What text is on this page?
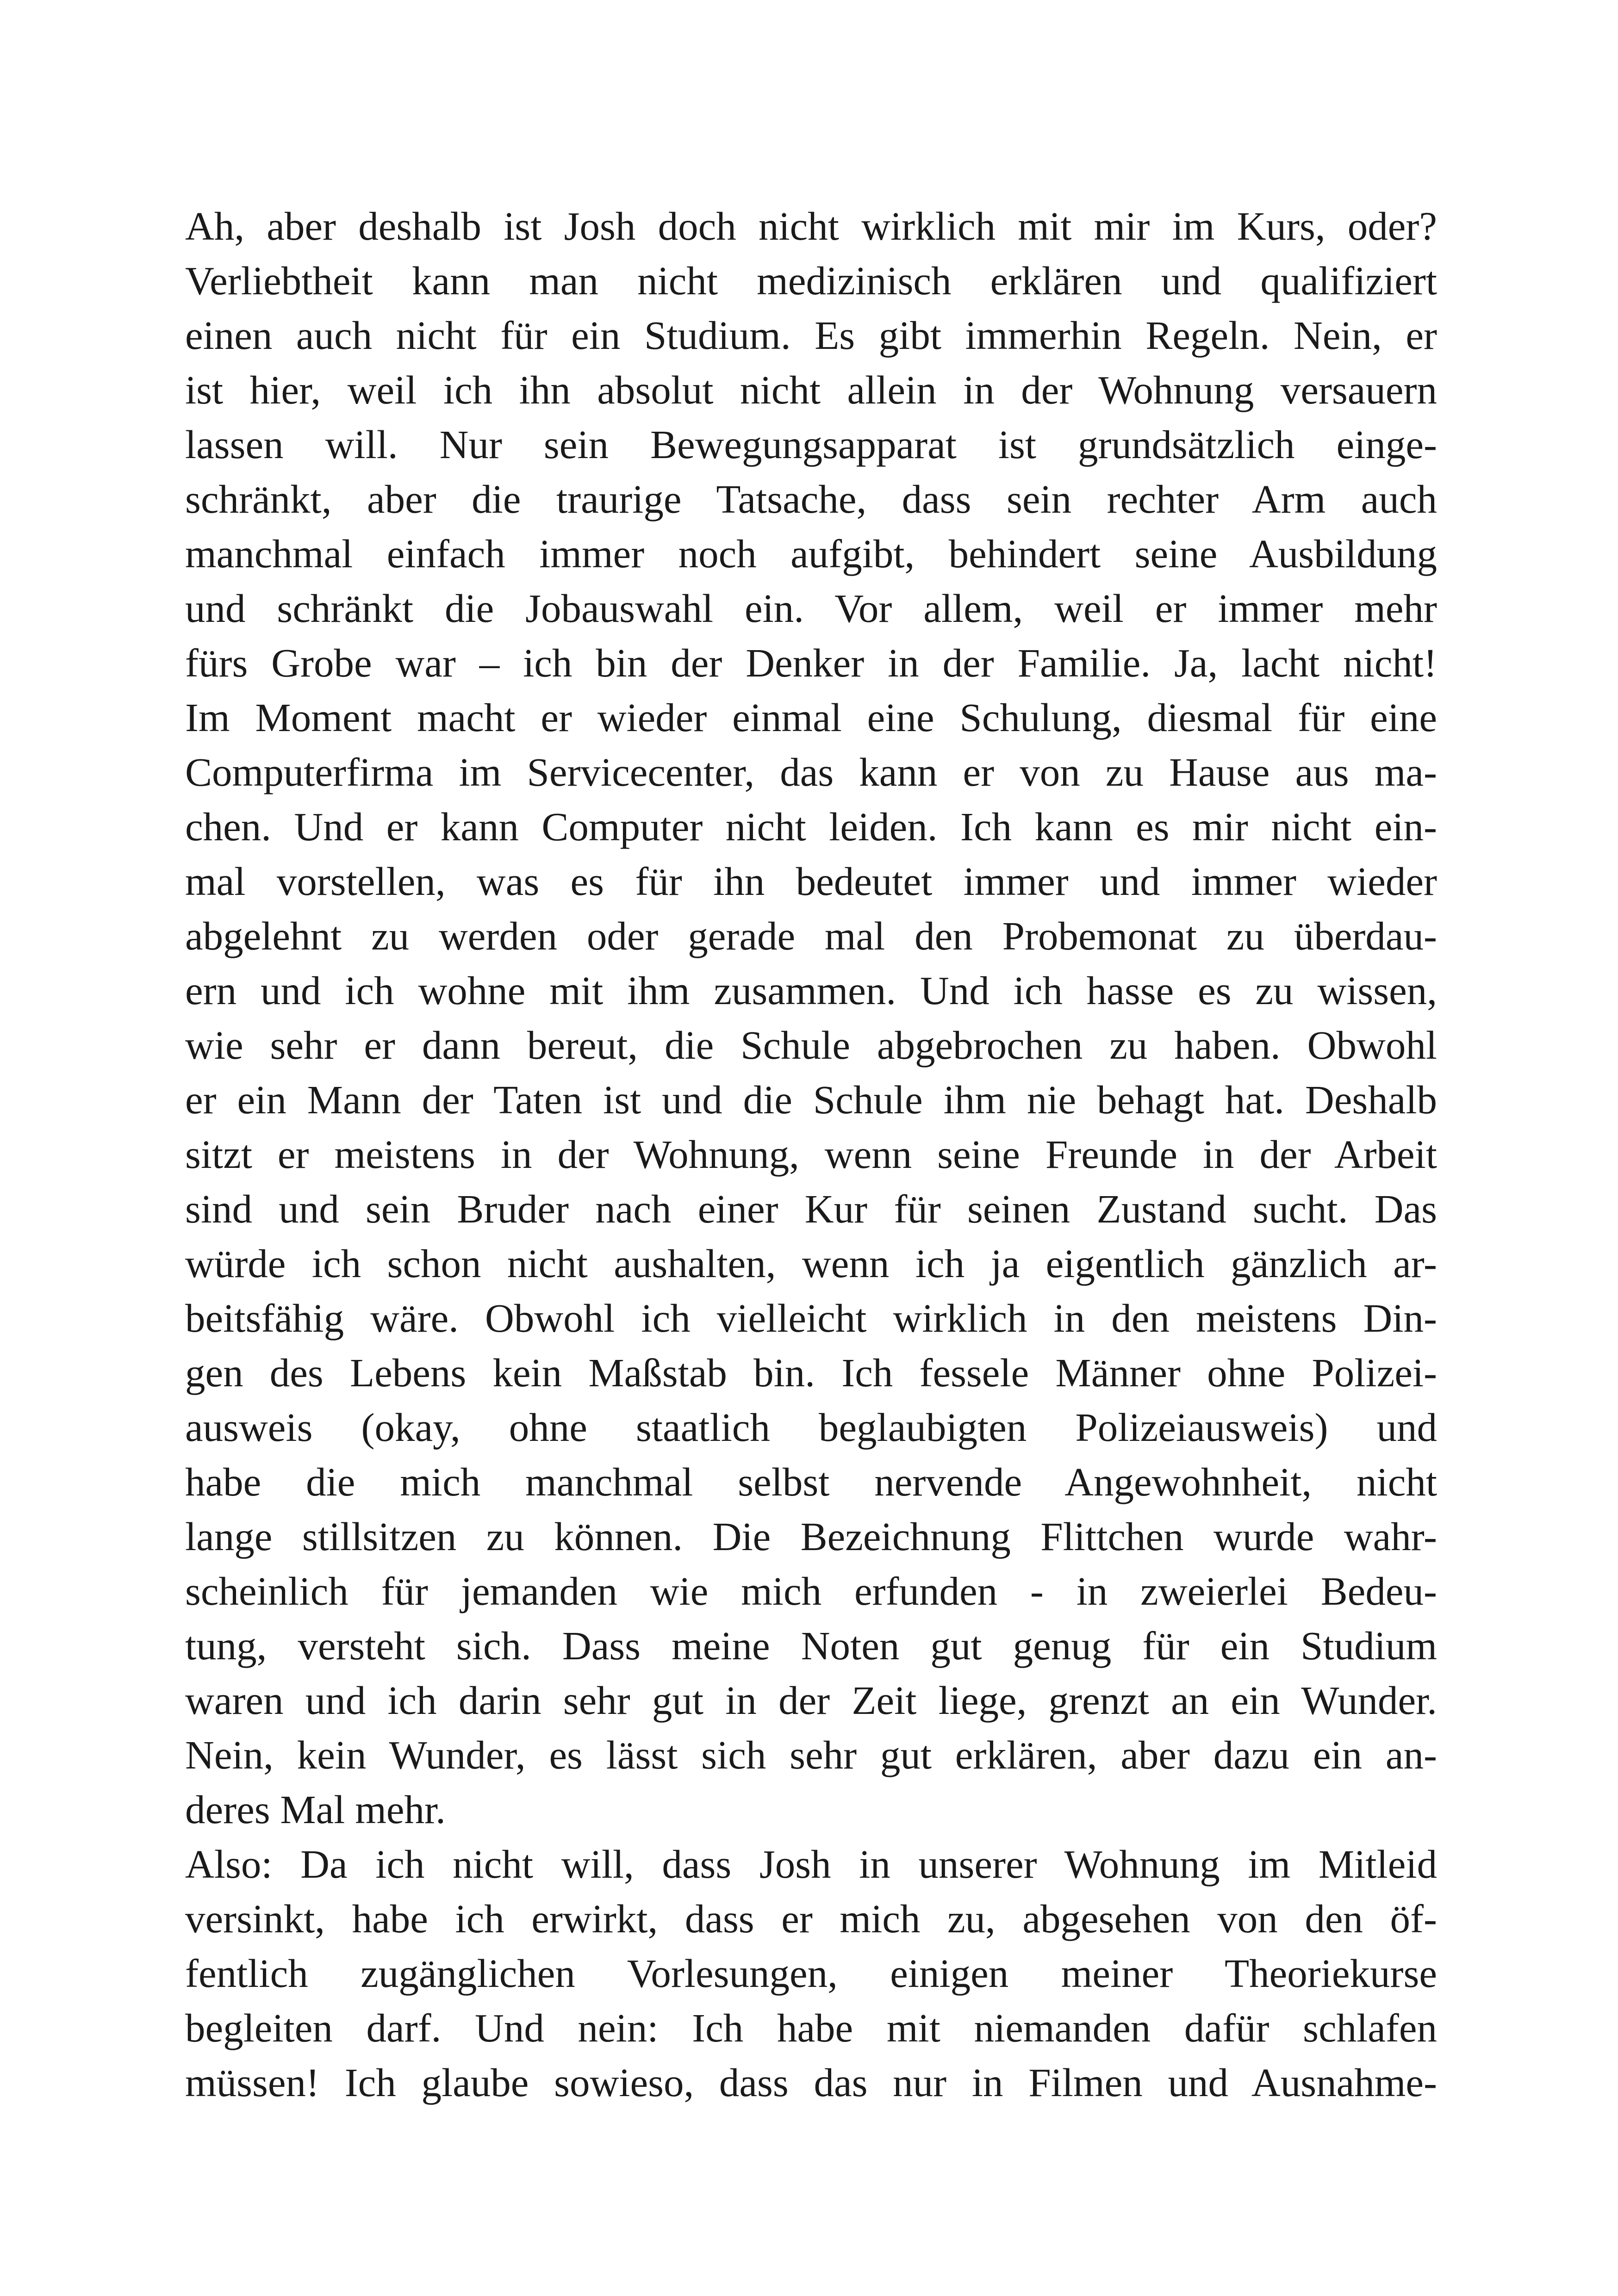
Ah, aber deshalb ist Josh doch nicht wirklich mit mir im Kurs, oder?
Verliebtheit kann man nicht medizinisch erklären und qualifiziert
einen auch nicht für ein Studium. Es gibt immerhin Regeln. Nein, er
ist hier, weil ich ihn absolut nicht allein in der Wohnung versauern
lassen will. Nur sein Bewegungsapparat ist grundsätzlich einge-
schränkt, aber die traurige Tatsache, dass sein rechter Arm auch
manchmal einfach immer noch aufgibt, behindert seine Ausbildung
und schränkt die Jobauswahl ein. Vor allem, weil er immer mehr
fürs Grobe war – ich bin der Denker in der Familie. Ja, lacht nicht!
Im Moment macht er wieder einmal eine Schulung, diesmal für eine
Computerfirma im Servicecenter, das kann er von zu Hause aus ma-
chen. Und er kann Computer nicht leiden. Ich kann es mir nicht ein-
mal vorstellen, was es für ihn bedeutet immer und immer wieder
abgelehnt zu werden oder gerade mal den Probemonat zu überdau-
ern und ich wohne mit ihm zusammen. Und ich hasse es zu wissen,
wie sehr er dann bereut, die Schule abgebrochen zu haben. Obwohl
er ein Mann der Taten ist und die Schule ihm nie behagt hat. Deshalb
sitzt er meistens in der Wohnung, wenn seine Freunde in der Arbeit
sind und sein Bruder nach einer Kur für seinen Zustand sucht. Das
würde ich schon nicht aushalten, wenn ich ja eigentlich gänzlich ar-
beitsfähig wäre. Obwohl ich vielleicht wirklich in den meistens Din-
gen des Lebens kein Maßstab bin. Ich fessele Männer ohne Polizei-
ausweis (okay, ohne staatlich beglaubigten Polizeiausweis) und
habe die mich manchmal selbst nervende Angewohnheit, nicht
lange stillsitzen zu können. Die Bezeichnung Flittchen wurde wahr-
scheinlich für jemanden wie mich erfunden - in zweierlei Bedeu-
tung, versteht sich. Dass meine Noten gut genug für ein Studium
waren und ich darin sehr gut in der Zeit liege, grenzt an ein Wunder.
Nein, kein Wunder, es lässt sich sehr gut erklären, aber dazu ein an-
deres Mal mehr.
Also: Da ich nicht will, dass Josh in unserer Wohnung im Mitleid
versinkt, habe ich erwirkt, dass er mich zu, abgesehen von den öf-
fentlich zugänglichen Vorlesungen, einigen meiner Theoriekurse
begleiten darf. Und nein: Ich habe mit niemanden dafür schlafen
müssen! Ich glaube sowieso, dass das nur in Filmen und Ausnahme-
